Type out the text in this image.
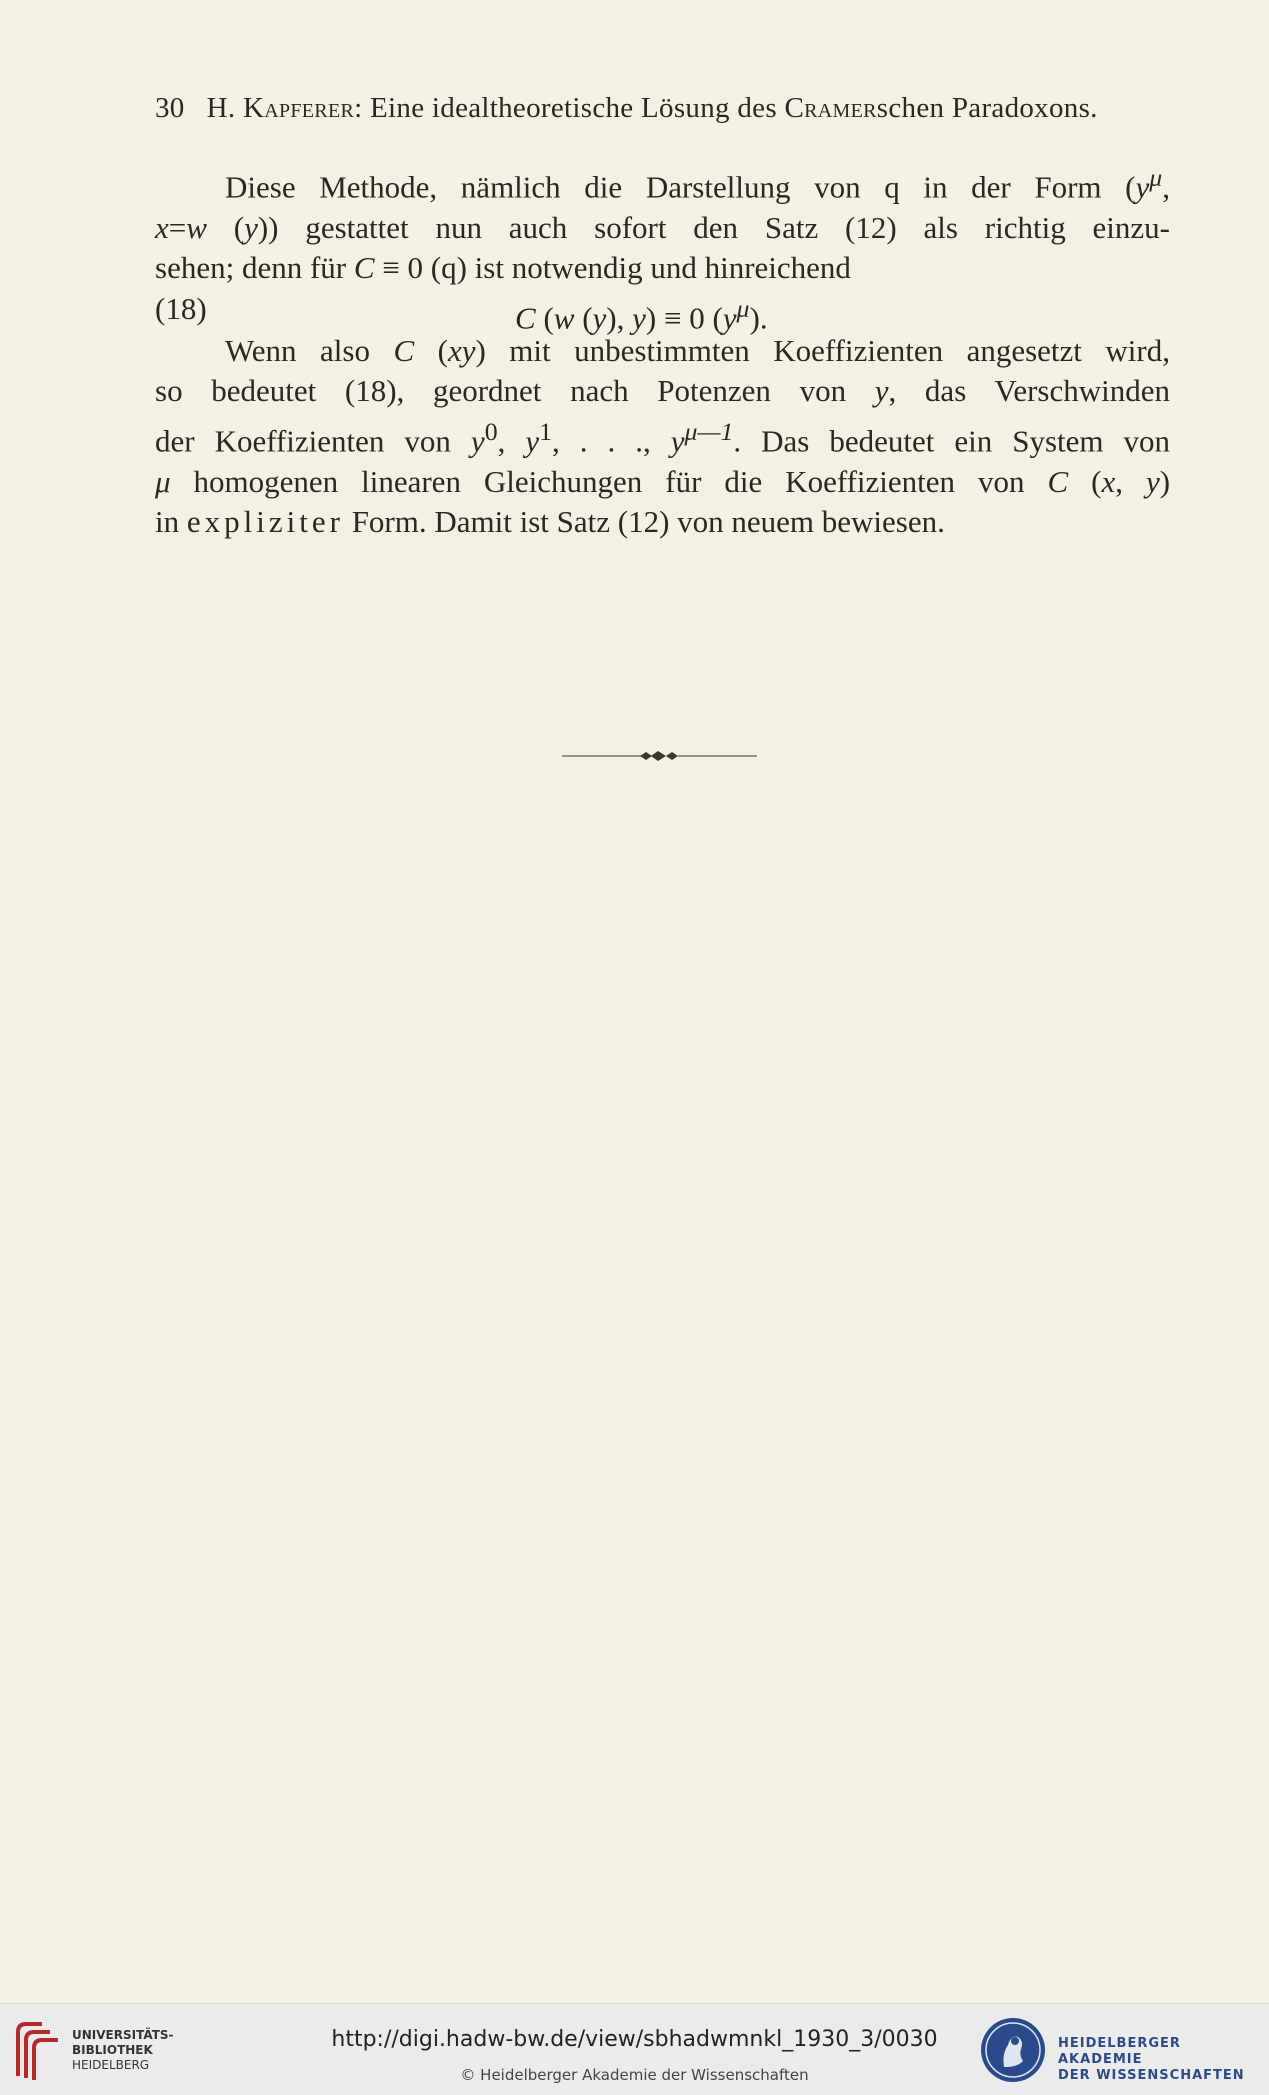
30 H. Kapferer: Eine idealtheoretische Lösung des Cramerschen Paradoxons.
Diese Methode, nämlich die Darstellung von q in der Form ($y^\mu$,
x=w (y)) gestattet nun auch sofort den Satz (12) als richtig einzu-
sehen; denn für C ≡ 0 (q) ist notwendig und hinreichend
(18)	C (w (y), y) ≡ 0 $(y^\mu)$.
Wenn also C (xy) mit unbestimmten Koeffizienten angesetzt wird,
so bedeutet (18), geordnet nach Potenzen von y, das Verschwinden
der Koeffizienten von $y^0$, $y^1$, . . ., $y^{\mu—1}$. Das bedeutet ein System von
μ homogenen linearen Gleichungen für die Koeffizienten von C (x, y)
in expliziter Form. Damit ist Satz (12) von neuem bewiesen.
UNIVERSITÄTS-
BIBLIOTHEK
HEIDELBERG
http://digi.hadw-bw.de/view/sbhadwmnkl_1930_3/0030
© Heidelberger Akademie der Wissenschaften
HEIDELBERGER AKADEMIE
DER WISSENSCHAFTEN
